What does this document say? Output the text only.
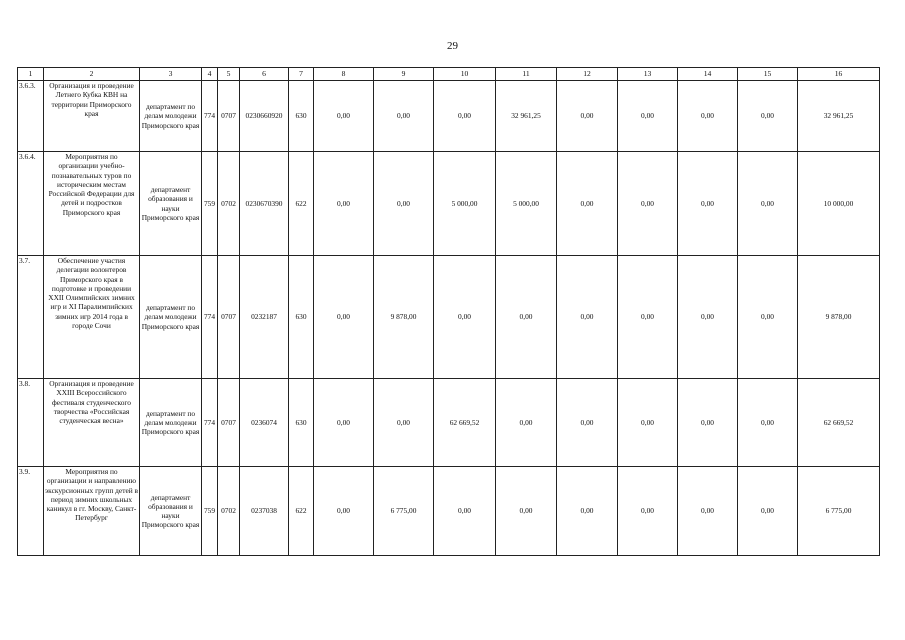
29
1	2	3	4	5	6	7	8	9	10	11	12	13	14	15	16
3.6.3.	Организация и проведение Летнего Кубка КВН на территории Приморского края	департамент по делам молодежи Приморского края	774	0707	0230660920	630	0,00	0,00	0,00	32 961,25	0,00	0,00	0,00	0,00	32 961,25
3.6.4.	Мероприятия по организации учебно-познавательных туров по историческим местам Российской Федерации для детей и подростков Приморского края	департамент образования и науки Приморского края	759	0702	0230670390	622	0,00	0,00	5 000,00	5 000,00	0,00	0,00	0,00	0,00	10 000,00
3.7.	Обеспечение участия делегации волонтеров Приморского края в подготовке и проведении XXII Олимпийских зимних игр и XI Паралимпийских зимних игр 2014 года в городе Сочи	департамент по делам молодежи Приморского края	774	0707	0232187	630	0,00	9 878,00	0,00	0,00	0,00	0,00	0,00	0,00	9 878,00
3.8.	Организация и проведение XXIII Всероссийского фестиваля студенческого творчества «Российская студенческая весна»	департамент по делам молодежи Приморского края	774	0707	0236074	630	0,00	0,00	62 669,52	0,00	0,00	0,00	0,00	0,00	62 669,52
3.9.	Мероприятия по организации и направлению экскурсионных групп детей в период зимних школьных каникул в гг. Москву, Санкт-Петербург	департамент образования и науки Приморского края	759	0702	0237038	622	0,00	6 775,00	0,00	0,00	0,00	0,00	0,00	0,00	6 775,00
